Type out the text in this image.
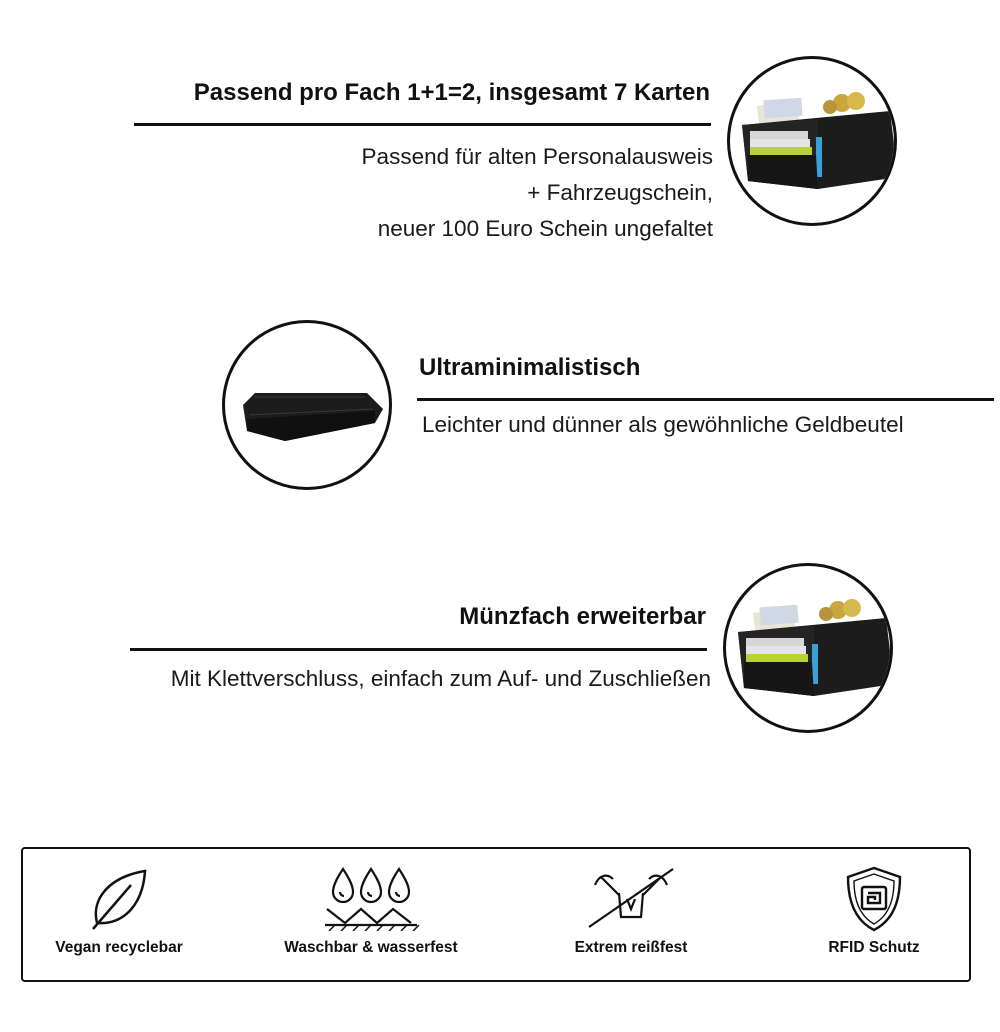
Passend pro Fach 1+1=2, insgesamt 7 Karten
Passend für alten Personalausweis
+ Fahrzeugschein,
neuer 100 Euro Schein ungefaltet
Ultraminimalistisch
Leichter und dünner als gewöhnliche Geldbeutel
Münzfach erweiterbar
Mit Klettverschluss, einfach zum Auf- und Zuschließen
Vegan recyclebar	Waschbar & wasserfest	Extrem reißfest	RFID Schutz
